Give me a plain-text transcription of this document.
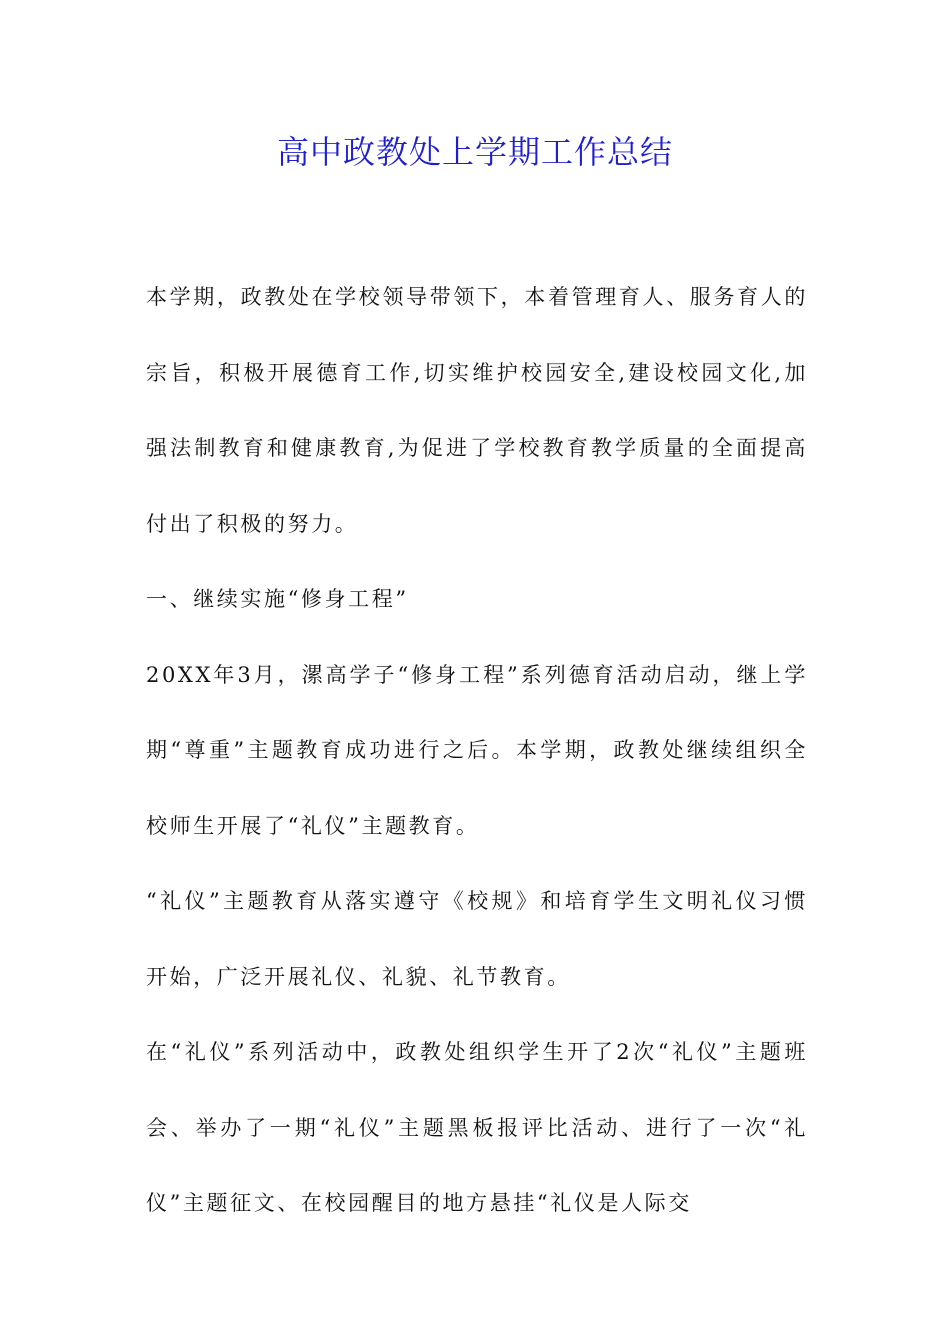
高中政教处上学期工作总结

本学期，政教处在学校领导带领下，本着管理育人、服务育人的宗旨，积极开展德育工作,切实维护校园安全,建设校园文化,加强法制教育和健康教育,为促进了学校教育教学质量的全面提高付出了积极的努力。

一、继续实施“修身工程”

20XX年3月，漯高学子“修身工程”系列德育活动启动，继上学期“尊重”主题教育成功进行之后。本学期，政教处继续组织全校师生开展了“礼仪”主题教育。

“礼仪”主题教育从落实遵守《校规》和培育学生文明礼仪习惯开始，广泛开展礼仪、礼貌、礼节教育。

在“礼仪”系列活动中，政教处组织学生开了2次“礼仪”主题班会、举办了一期“礼仪”主题黑板报评比活动、进行了一次“礼仪”主题征文、在校园醒目的地方悬挂“礼仪是人际交
